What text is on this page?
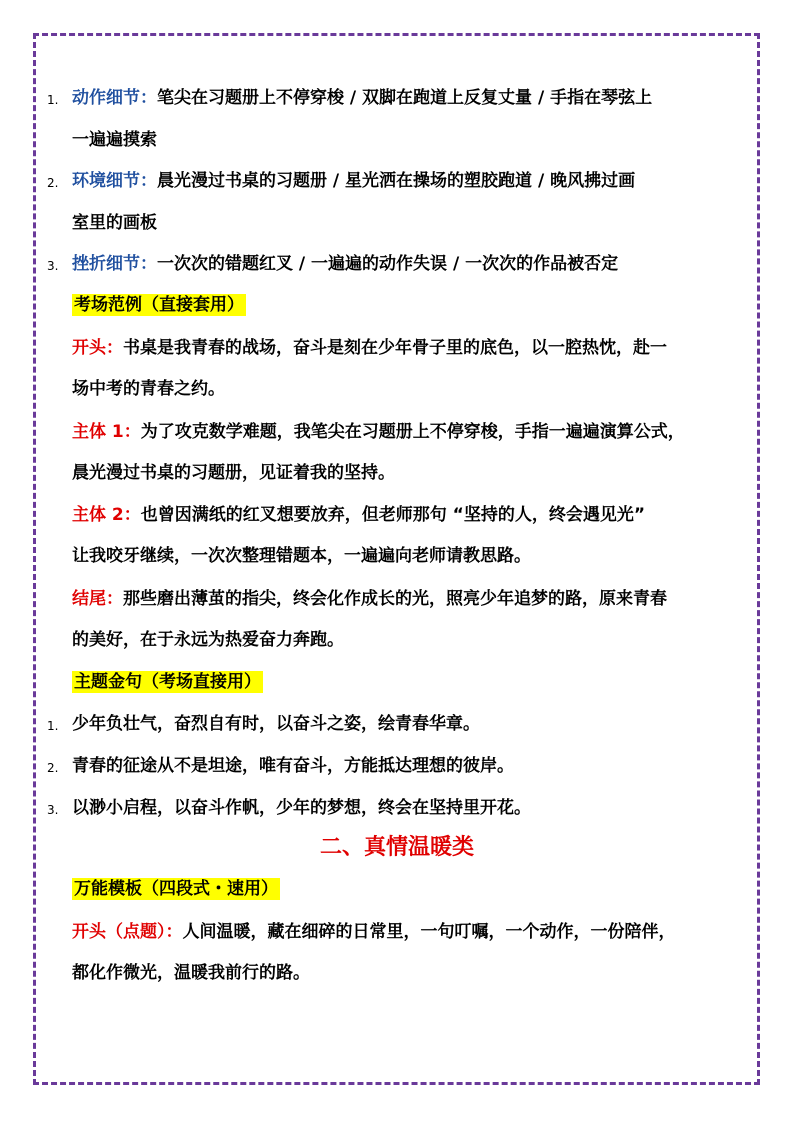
1. 动作细节：笔尖在习题册上不停穿梭 / 双脚在跑道上反复丈量 / 手指在琴弦上
一遍遍摸索
2. 环境细节：晨光漫过书桌的习题册 / 星光洒在操场的塑胶跑道 / 晚风拂过画
室里的画板
3. 挫折细节：一次次的错题红叉 / 一遍遍的动作失误 / 一次次的作品被否定
考场范例（直接套用）
开头：书桌是我青春的战场，奋斗是刻在少年骨子里的底色，以一腔热忱，赴一
场中考的青春之约。
主体 1：为了攻克数学难题，我笔尖在习题册上不停穿梭，手指一遍遍演算公式，
晨光漫过书桌的习题册，见证着我的坚持。
主体 2：也曾因满纸的红叉想要放弃，但老师那句 “坚持的人，终会遇见光”
让我咬牙继续，一次次整理错题本，一遍遍向老师请教思路。
结尾：那些磨出薄茧的指尖，终会化作成长的光，照亮少年追梦的路，原来青春
的美好，在于永远为热爱奋力奔跑。
主题金句（考场直接用）
1. 少年负壮气，奋烈自有时，以奋斗之姿，绘青春华章。
2. 青春的征途从不是坦途，唯有奋斗，方能抵达理想的彼岸。
3. 以渺小启程，以奋斗作帆，少年的梦想，终会在坚持里开花。
二、真情温暖类
万能模板（四段式・速用）
开头（点题）：人间温暖，藏在细碎的日常里，一句叮嘱，一个动作，一份陪伴，
都化作微光，温暖我前行的路。
